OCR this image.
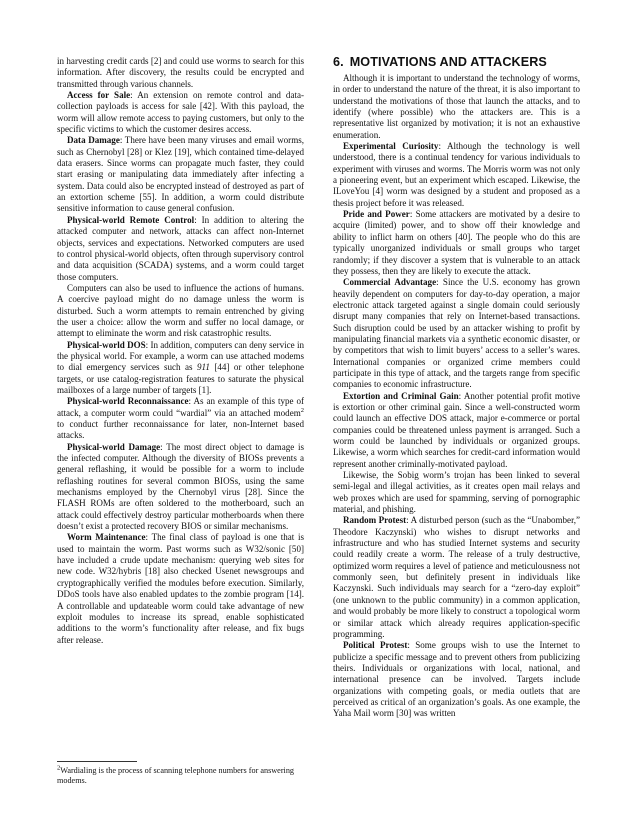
in harvesting credit cards [2] and could use worms to search for this information. After discovery, the results could be encrypted and transmitted through various channels.

Access for Sale: An extension on remote control and data-collection payloads is access for sale [42]. With this payload, the worm will allow remote access to paying customers, but only to the specific victims to which the customer desires access.

Data Damage: There have been many viruses and email worms, such as Chernobyl [28] or Klez [19], which contained time-delayed data erasers. Since worms can propagate much faster, they could start erasing or manipulating data immediately after infecting a system. Data could also be encrypted instead of destroyed as part of an extortion scheme [55]. In addition, a worm could distribute sensitive information to cause general confusion.

Physical-world Remote Control: In addition to altering the attacked computer and network, attacks can affect non-Internet objects, services and expectations. Networked computers are used to control physical-world objects, often through supervisory control and data acquisition (SCADA) systems, and a worm could target those computers.

Computers can also be used to influence the actions of humans. A coercive payload might do no damage unless the worm is disturbed. Such a worm attempts to remain entrenched by giving the user a choice: allow the worm and suffer no local damage, or attempt to eliminate the worm and risk catastrophic results.

Physical-world DOS: In addition, computers can deny service in the physical world. For example, a worm can use attached modems to dial emergency services such as 911 [44] or other telephone targets, or use catalog-registration features to saturate the physical mailboxes of a large number of targets [1].

Physical-world Reconnaissance: As an example of this type of attack, a computer worm could “wardial” via an attached modem$^2$ to conduct further reconnaissance for later, non-Internet based attacks.

Physical-world Damage: The most direct object to damage is the infected computer. Although the diversity of BIOSs prevents a general reflashing, it would be possible for a worm to include reflashing routines for several common BIOSs, using the same mechanisms employed by the Chernobyl virus [28]. Since the FLASH ROMs are often soldered to the motherboard, such an attack could effectively destroy particular motherboards when there doesn’t exist a protected recovery BIOS or similar mechanisms.

Worm Maintenance: The final class of payload is one that is used to maintain the worm. Past worms such as W32/sonic [50] have included a crude update mechanism: querying web sites for new code. W32/hybris [18] also checked Usenet newsgroups and cryptographically verified the modules before execution. Similarly, DDoS tools have also enabled updates to the zombie program [14]. A controllable and updateable worm could take advantage of new exploit modules to increase its spread, enable sophisticated additions to the worm’s functionality after release, and fix bugs after release.

$^2$Wardialing is the process of scanning telephone numbers for answering modems.
6. MOTIVATIONS AND ATTACKERS

Although it is important to understand the technology of worms, in order to understand the nature of the threat, it is also important to understand the motivations of those that launch the attacks, and to identify (where possible) who the attackers are. This is a representative list organized by motivation; it is not an exhaustive enumeration.

Experimental Curiosity: Although the technology is well understood, there is a continual tendency for various individuals to experiment with viruses and worms. The Morris worm was not only a pioneering event, but an experiment which escaped. Likewise, the ILoveYou [4] worm was designed by a student and proposed as a thesis project before it was released.

Pride and Power: Some attackers are motivated by a desire to acquire (limited) power, and to show off their knowledge and ability to inflict harm on others [40]. The people who do this are typically unorganized individuals or small groups who target randomly; if they discover a system that is vulnerable to an attack they possess, then they are likely to execute the attack.

Commercial Advantage: Since the U.S. economy has grown heavily dependent on computers for day-to-day operation, a major electronic attack targeted against a single domain could seriously disrupt many companies that rely on Internet-based transactions. Such disruption could be used by an attacker wishing to profit by manipulating financial markets via a synthetic economic disaster, or by competitors that wish to limit buyers’ access to a seller’s wares. International companies or organized crime members could participate in this type of attack, and the targets range from specific companies to economic infrastructure.

Extortion and Criminal Gain: Another potential profit motive is extortion or other criminal gain. Since a well-constructed worm could launch an effective DOS attack, major e-commerce or portal companies could be threatened unless payment is arranged. Such a worm could be launched by individuals or organized groups. Likewise, a worm which searches for credit-card information would represent another criminally-motivated payload.

Likewise, the Sobig worm’s trojan has been linked to several semi-legal and illegal activities, as it creates open mail relays and web proxes which are used for spamming, serving of pornographic material, and phishing.

Random Protest: A disturbed person (such as the “Unabomber,” Theodore Kaczynski) who wishes to disrupt networks and infrastructure and who has studied Internet systems and security could readily create a worm. The release of a truly destructive, optimized worm requires a level of patience and meticulousness not commonly seen, but definitely present in individuals like Kaczynski. Such individuals may search for a “zero-day exploit” (one unknown to the public community) in a common application, and would probably be more likely to construct a topological worm or similar attack which already requires application-specific programming.

Political Protest: Some groups wish to use the Internet to publicize a specific message and to prevent others from publicizing theirs. Individuals or organizations with local, national, and international presence can be involved. Targets include organizations with competing goals, or media outlets that are perceived as critical of an organization’s goals. As one example, the Yaha Mail worm [30] was written
